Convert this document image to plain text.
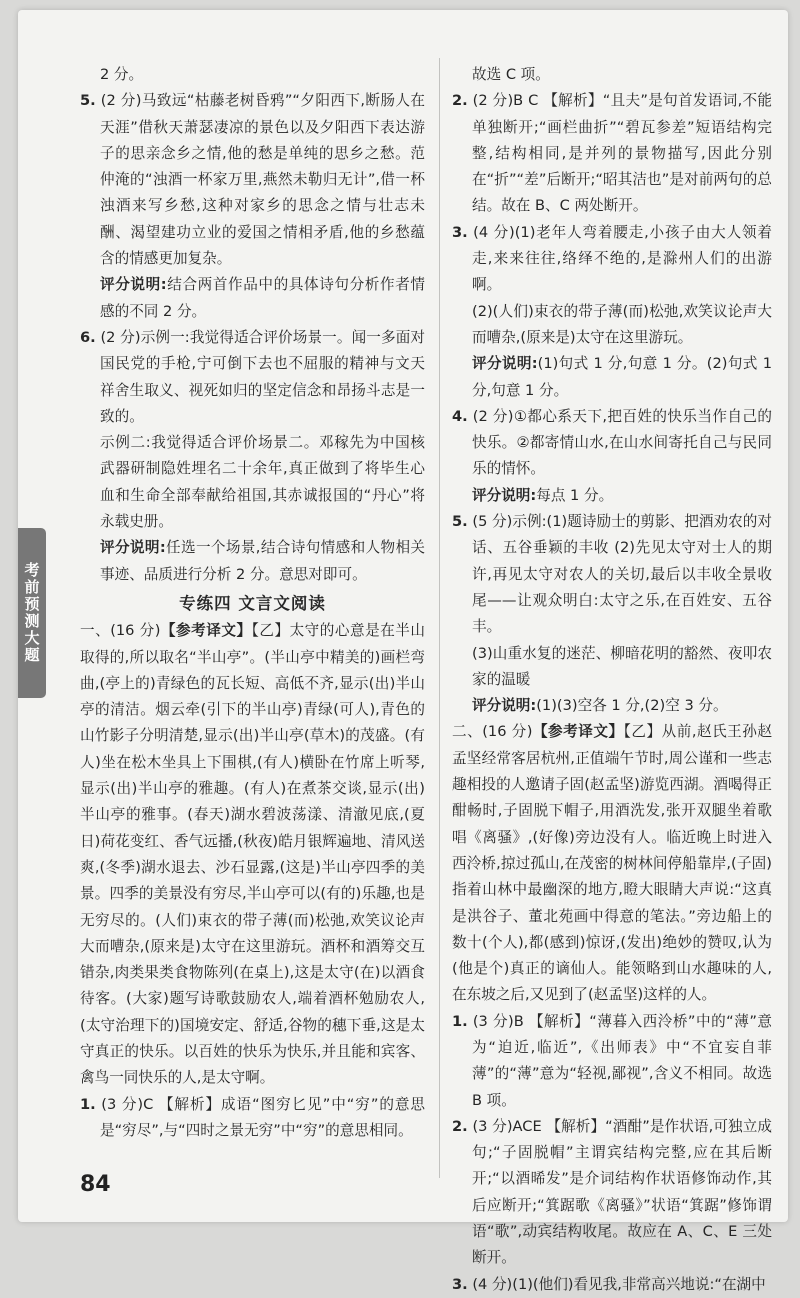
考前预测大题

2 分。

5. (2 分)马致远“枯藤老树昏鸦”“夕阳西下,断肠人在天涯”借秋天萧瑟凄凉的景色以及夕阳西下表达游子的思亲念乡之情,他的愁是单纯的思乡之愁。范仲淹的“浊酒一杯家万里,燕然未勒归无计”,借一杯浊酒来写乡愁,这种对家乡的思念之情与壮志未酬、渴望建功立业的爱国之情相矛盾,他的乡愁蕴含的情感更加复杂。

评分说明:结合两首作品中的具体诗句分析作者情感的不同 2 分。

6. (2 分)示例一:我觉得适合评价场景一。闻一多面对国民党的手枪,宁可倒下去也不屈服的精神与文天祥舍生取义、视死如归的坚定信念和昂扬斗志是一致的。

示例二:我觉得适合评价场景二。邓稼先为中国核武器研制隐姓埋名二十余年,真正做到了将毕生心血和生命全部奉献给祖国,其赤诚报国的“丹心”将永载史册。

评分说明:任选一个场景,结合诗句情感和人物相关事迹、品质进行分析 2 分。意思对即可。

专练四 文言文阅读

一、(16 分)【参考译文】【乙】太守的心意是在半山取得的,所以取名“半山亭”。(半山亭中精美的)画栏弯曲,(亭上的)青绿色的瓦长短、高低不齐,显示(出)半山亭的清洁。烟云牵(引下的半山亭)青绿(可人),青色的山竹影子分明清楚,显示(出)半山亭(草木)的茂盛。(有人)坐在松木坐具上下围棋,(有人)横卧在竹席上听琴,显示(出)半山亭的雅趣。(有人)在煮茶交谈,显示(出)半山亭的雅事。(春天)湖水碧波荡漾、清澈见底,(夏日)荷花变红、香气远播,(秋夜)皓月银辉遍地、清风送爽,(冬季)湖水退去、沙石显露,(这是)半山亭四季的美景。四季的美景没有穷尽,半山亭可以(有的)乐趣,也是无穷尽的。(人们)束衣的带子薄(而)松弛,欢笑议论声大而嘈杂,(原来是)太守在这里游玩。酒杯和酒筹交互错杂,肉类果类食物陈列(在桌上),这是太守(在)以酒食待客。(大家)题写诗歌鼓励农人,端着酒杯勉励农人,(太守治理下的)国境安定、舒适,谷物的穗下垂,这是太守真正的快乐。以百姓的快乐为快乐,并且能和宾客、禽鸟一同快乐的人,是太守啊。

1. (3 分)C 【解析】成语“图穷匕见”中“穷”的意思是“穷尽”,与“四时之景无穷”中“穷”的意思相同。

故选 C 项。

2. (2 分)B C 【解析】“且夫”是句首发语词,不能单独断开;“画栏曲折”“碧瓦参差”短语结构完整,结构相同,是并列的景物描写,因此分别在“折”“差”后断开;“昭其洁也”是对前两句的总结。故在 B、C 两处断开。

3. (4 分)(1)老年人弯着腰走,小孩子由大人领着走,来来往往,络绎不绝的,是滁州人们的出游啊。

(2)(人们)束衣的带子薄(而)松弛,欢笑议论声大而嘈杂,(原来是)太守在这里游玩。

评分说明:(1)句式 1 分,句意 1 分。(2)句式 1 分,句意 1 分。

4. (2 分)①都心系天下,把百姓的快乐当作自己的快乐。②都寄情山水,在山水间寄托自己与民同乐的情怀。

评分说明:每点 1 分。

5. (5 分)示例:(1)题诗励士的剪影、把酒劝农的对话、五谷垂颖的丰收 (2)先见太守对士人的期许,再见太守对农人的关切,最后以丰收全景收尾——让观众明白:太守之乐,在百姓安、五谷丰。

(3)山重水复的迷茫、柳暗花明的豁然、夜叩农家的温暖

评分说明:(1)(3)空各 1 分,(2)空 3 分。

二、(16 分)【参考译文】【乙】从前,赵氏王孙赵孟坚经常客居杭州,正值端午节时,周公谨和一些志趣相投的人邀请子固(赵孟坚)游览西湖。酒喝得正酣畅时,子固脱下帽子,用酒洗发,张开双腿坐着歌唱《离骚》,(好像)旁边没有人。临近晚上时进入西泠桥,掠过孤山,在茂密的树林间停船靠岸,(子固)指着山林中最幽深的地方,瞪大眼睛大声说:“这真是洪谷子、董北苑画中得意的笔法。”旁边船上的数十(个人),都(感到)惊讶,(发出)绝妙的赞叹,认为(他是个)真正的谪仙人。能领略到山水趣味的人,在东坡之后,又见到了(赵孟坚)这样的人。

1. (3 分)B 【解析】“薄暮入西泠桥”中的“薄”意为“迫近,临近”,《出师表》中“不宜妄自菲薄”的“薄”意为“轻视,鄙视”,含义不相同。故选 B 项。

2. (3 分)ACE 【解析】“酒酣”是作状语,可独立成句;“子固脱帽”主谓宾结构完整,应在其后断开;“以酒晞发”是介词结构作状语修饰动作,其后应断开;“箕踞歌《离骚》”状语“箕踞”修饰谓语“歌”,动宾结构收尾。故应在 A、C、E 三处断开。

3. (4 分)(1)(他们)看见我,非常高兴地说:“在湖中

84
